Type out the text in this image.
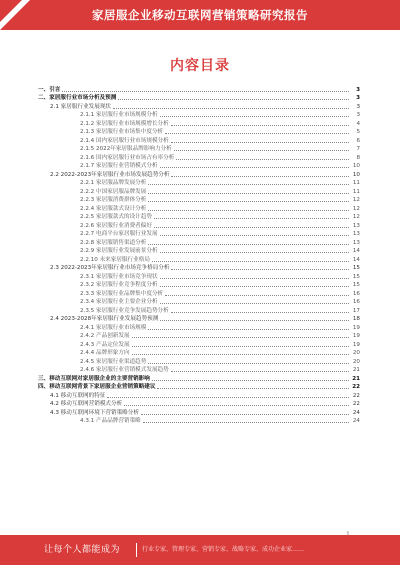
家居服企业移动互联网营销策略研究报告
内容目录
一、引言	3
二、家居服行业市场分析及预测	3
2.1 家居服行业发展现状	3
2.1.1 家居服行业市场规模分析	3
2.1.2 家居服行业市场规模增长分析	4
2.1.3 家居服行业市场集中度分析	5
2.1.4 国内家居服行业市场规模分析	6
2.1.5 2022年家居服品牌影响力分析	7
2.1.6 国内家居服行业市场占有率分析	8
2.1.7 家居服行业营销模式分析	10
2.2 2022-2023年家居服行业市场发展趋势分析	10
2.2.1 家居服品牌发展分析	11
2.2.2 中国家居服品牌发展	11
2.2.3 家居服消费群体分析	12
2.2.4 家居服款式设计分析	12
2.2.5 家居服款式的设计趋势	12
2.2.6 家居服行业消费者偏好	13
2.2.7 电商平台家居服行业发展	13
2.2.8 家居服销售渠道分析	13
2.2.9 家居服行业发展前景分析	14
2.2.10 未来家居服行业格局	14
2.3 2022-2023年家居服行业市场竞争格局分析	15
2.3.1 家居服行业市场竞争现状	15
2.3.2 家居服行业竞争程度分析	15
2.3.3 家居服行业品牌集中度分析	16
2.3.4 家居服行业主要企业分析	16
2.3.5 家居服行业竞争发展趋势分析	17
2.4 2023-2028年家居服行业发展趋势预测	18
2.4.1 家居服行业市场规模	19
2.4.2 产品创新发展	19
2.4.3 产品定位发展	19
2.4.4 品牌形象方向	20
2.4.5 家居服行业渠道趋势	20
2.4.6 家居服行业营销模式发展趋势	21
三、移动互联网对家居服企业的主要营销影响	21
四、移动互联网背景下家居服企业营销策略建议	22
4.1 移动互联网的特征	22
4.2 移动互联网营销模式分析	22
4.3 移动互联网环境下营销策略分析	24
4.3.1 产品品牌营销策略	24
让每个人都能成为	行业专家、管理专家、营销专家、战略专家、成功企业家……
